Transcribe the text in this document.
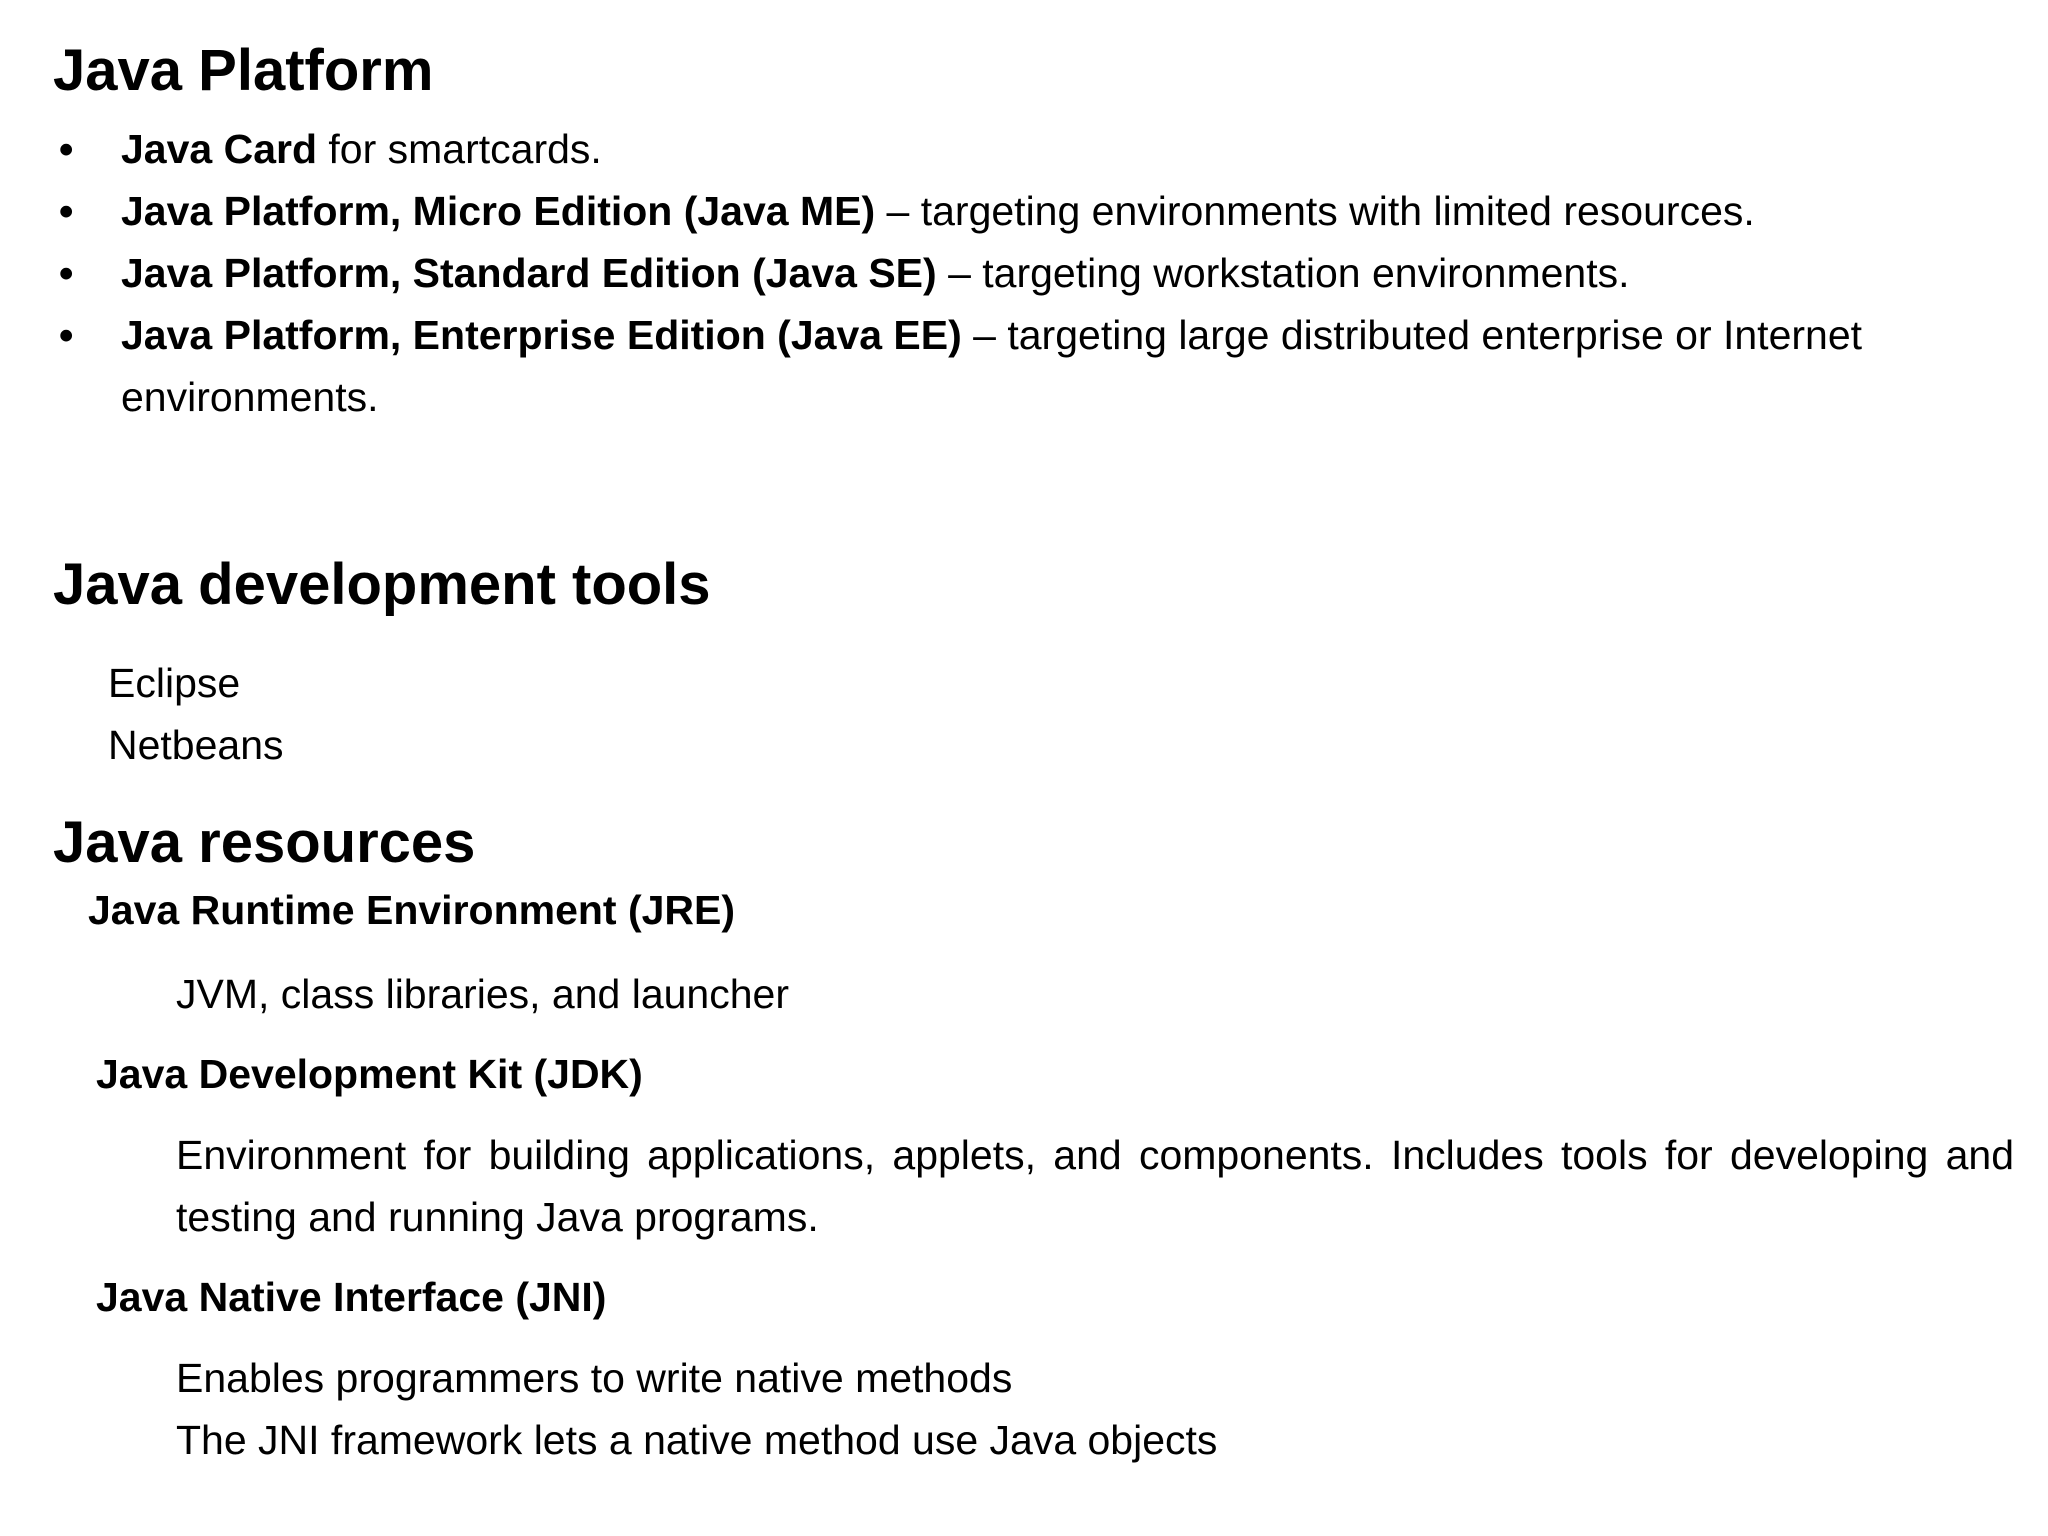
Java Platform
•	Java Card for smartcards.
•	Java Platform, Micro Edition (Java ME) – targeting environments with limited resources.
•	Java Platform, Standard Edition (Java SE) – targeting workstation environments.
•	Java Platform, Enterprise Edition (Java EE) – targeting large distributed enterprise or Internet environments.
Java development tools
Eclipse
Netbeans
Java resources
Java Runtime Environment (JRE)
JVM, class libraries, and launcher
Java Development Kit (JDK)
Environment for building applications, applets, and components. Includes tools for developing and testing and running Java programs.
Java Native Interface (JNI)
Enables programmers to write native methods
The JNI framework lets a native method use Java objects
